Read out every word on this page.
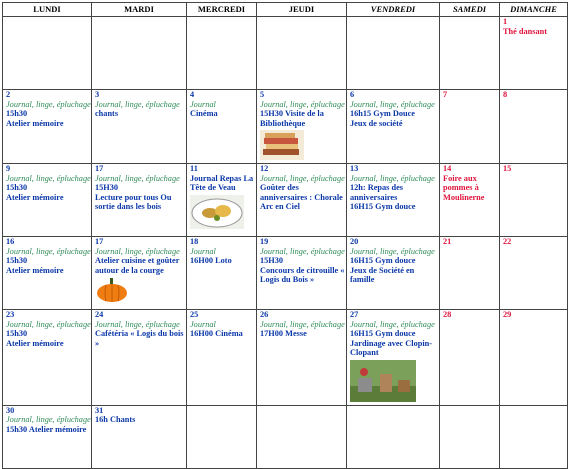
LUNDI	MARDI	MERCREDI	JEUDI	VENDREDI	SAMEDI	DIMANCHE

						1
Thé dansant

2
Journal, linge, épluchage
15h30
Atelier mémoire	3
Journal, linge, épluchage
chants	4
Journal
Cinéma	5
Journal, linge, épluchage
15H30 Visite de la Bibliothèque	6
Journal, linge, épluchage
16h15 Gym Douce
Jeux de société	7	8

9
Journal, linge, épluchage
15h30
Atelier mémoire	17
Journal, linge, épluchage
15H30
Lecture pour tous Ou sortie dans les bois	11
Journal Repas La Tête de Veau	12
Journal, linge, épluchage
Goûter des anniversaires : Chorale Arc en Ciel	13
Journal, linge, épluchage
12h: Repas des anniversaires
16H15 Gym douce	14
Foire aux pommes à Moulinerne	15

16
Journal, linge, épluchage
15h30
Atelier mémoire	17
Journal, linge, épluchage
Atelier cuisine et goûter autour de la courge	18
Journal
16H00 Loto	19
Journal, linge, épluchage
15H30
Concours de citrouille « Logis du Bois »	20
Journal, linge, épluchage
16H15 Gym douce
Jeux de Société en famille	21	22

23
Journal, linge, épluchage
15h30
Atelier mémoire	24
Journal, linge, épluchage
Cafétéria « Logis du bois »	25
Journal
16H00 Cinéma	26
Journal, linge, épluchage
17H00 Messe	27
Journal, linge, épluchage
16H15 Gym douce
Jardinage avec Clopin-Clopant	28	29

30
Journal, linge, épluchage
15h30 Atelier mémoire	31
16h Chants					
